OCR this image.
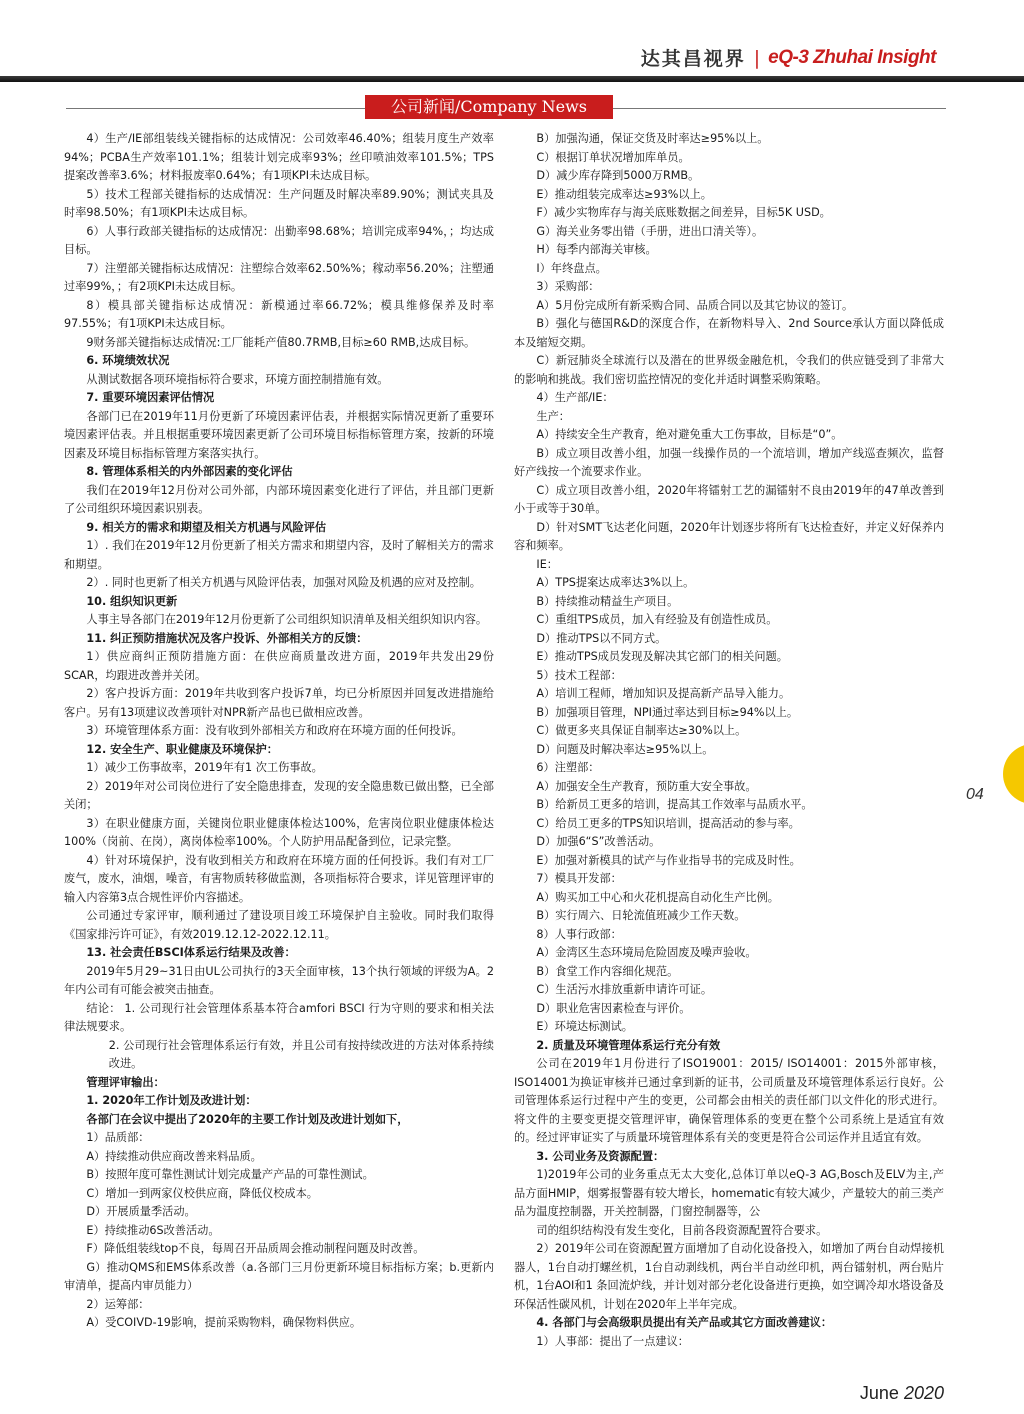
达其昌视界 | eQ-3 Zhuhai Insight
公司新闻/Company News

4）生产/IE部组装线关键指标的达成情况：公司效率46.40%；组装月度生产效率94%；PCBA生产效率101.1%；组装计划完成率93%；丝印喷油效率101.5%；TPS提案改善率3.6%；材料报废率0.64%；有1项KPI未达成目标。

5）技术工程部关键指标的达成情况：生产问题及时解决率89.90%；测试夹具及时率98.50%；有1项KPI未达成目标。

6）人事行政部关键指标的达成情况：出勤率98.68%；培训完成率94%，；均达成目标。

7）注塑部关键指标达成情况：注塑综合效率62.50%%；稼动率56.20%；注塑通过率99%，；有2项KPI未达成目标。

8）模具部关键指标达成情况：新模通过率66.72%；模具维修保养及时率97.55%；有1项KPI未达成目标。

9财务部关键指标达成情况:工厂能耗产值80.7RMB,目标≥60 RMB,达成目标。

6. 环境绩效状况

从测试数据各项环境指标符合要求，环境方面控制措施有效。

7. 重要环境因素评估情况

各部门已在2019年11月份更新了环境因素评估表，并根据实际情况更新了重要环境因素评估表。并且根据重要环境因素更新了公司环境目标指标管理方案，按新的环境因素及环境目标指标管理方案落实执行。

8. 管理体系相关的内外部因素的变化评估

我们在2019年12月份对公司外部，内部环境因素变化进行了评估，并且部门更新了公司组织环境因素识别表。

9. 相关方的需求和期望及相关方机遇与风险评估

1）. 我们在2019年12月份更新了相关方需求和期望内容，及时了解相关方的需求和期望。

2）. 同时也更新了相关方机遇与风险评估表，加强对风险及机遇的应对及控制。

10. 组织知识更新

人事主导各部门在2019年12月份更新了公司组织知识清单及相关组织知识内容。

11. 纠正预防措施状况及客户投诉、外部相关方的反馈：

1）供应商纠正预防措施方面：在供应商质量改进方面，2019年共发出29份SCAR，均跟进改善并关闭。

2）客户投诉方面：2019年共收到客户投诉7单，均已分析原因并回复改进措施给客户。另有13项建议改善项针对NPR新产品也已做相应改善。

3）环境管理体系方面：没有收到外部相关方和政府在环境方面的任何投诉。

12. 安全生产、职业健康及环境保护：

1）减少工伤事故率，2019年有1 次工伤事故。

2）2019年对公司岗位进行了安全隐患排查，发现的安全隐患数已做出整，已全部关闭；

3）在职业健康方面，关键岗位职业健康体检达100%，危害岗位职业健康体检达100%（岗前、在岗），离岗体检率100%。个人防护用品配备到位，记录完整。

4）针对环境保护，没有收到相关方和政府在环境方面的任何投诉。我们有对工厂废气，废水，油烟，噪音，有害物质转移做监测，各项指标符合要求，详见管理评审的输入内容第3点合规性评价内容描述。

公司通过专家评审，顺利通过了建设项目竣工环境保护自主验收。同时我们取得《国家排污许可证》，有效2019.12.12-2022.12.11。

13. 社会责任BSCI体系运行结果及改善：

2019年5月29~31日由UL公司执行的3天全面审核，13个执行领域的评级为A。2年内公司有可能会被突击抽查。

结论： 1. 公司现行社会管理体系基本符合amfori BSCI 行为守则的要求和相关法律法规要求。

2. 公司现行社会管理体系运行有效，并且公司有按持续改进的方法对体系持续改进。

管理评审输出：

1. 2020年工作计划及改进计划：

各部门在会议中提出了2020年的主要工作计划及改进计划如下，

1）品质部：

A）持续推动供应商改善来料品质。

B）按照年度可靠性测试计划完成量产产品的可靠性测试。

C）增加一到两家仪校供应商，降低仪校成本。

D）开展质量季活动。

E）持续推动6S改善活动。

F）降低组装线top不良，每周召开品质周会推动制程问题及时改善。

G）推动QMS和EMS体系改善（a.各部门三月份更新环境目标指标方案；b.更新内审清单，提高内审员能力）

2）运筹部：

A）受COIVD-19影响，提前采购物料，确保物料供应。

B）加强沟通，保证交货及时率达≥95%以上。

C）根据订单状况增加库单员。

D）减少库存降到5000万RMB。

E）推动组装完成率达≥93%以上。

F）减少实物库存与海关底账数据之间差异，目标5K USD。

G）海关业务零出错（手册，进出口清关等）。

H）每季内部海关审核。

I）年终盘点。

3）采购部：

A）5月份完成所有新采购合同、品质合同以及其它协议的签订。

B）强化与德国R&D的深度合作，在新物料导入、2nd Source承认方面以降低成本及缩短交期。

C）新冠肺炎全球流行以及潜在的世界级金融危机，令我们的供应链受到了非常大的影响和挑战。我们密切监控情况的变化并适时调整采购策略。

4）生产部/IE：

生产：

A）持续安全生产教育，绝对避免重大工伤事故，目标是“0”。

B）成立项目改善小组，加强一线操作员的一个流培训，增加产线巡查频次，监督好产线按一个流要求作业。

C）成立项目改善小组，2020年将镭射工艺的漏镭射不良由2019年的47单改善到小于或等于30单。

D）针对SMT飞达老化问题，2020年计划逐步将所有飞达检查好，并定义好保养内容和频率。

IE：

A）TPS提案达成率达3%以上。

B）持续推动精益生产项目。

C）重组TPS成员，加入有经验及有创造性成员。

D）推动TPS以不同方式。

E）推动TPS成员发现及解决其它部门的相关问题。

5）技术工程部：

A）培训工程师，增加知识及提高新产品导入能力。

B）加强项目管理，NPI通过率达到目标≥94%以上。

C）做更多夹具保证自制率达≥30%以上。

D）问题及时解决率达≥95%以上。

6）注塑部：

A）加强安全生产教育，预防重大安全事故。

B）给新员工更多的培训，提高其工作效率与品质水平。

C）给员工更多的TPS知识培训，提高活动的参与率。

D）加强6“S”改善活动。

E）加强对新模具的试产与作业指导书的完成及时性。

7）模具开发部：

A）购买加工中心和火花机提高自动化生产比例。

B）实行周六、日轮流值班减少工作天数。

8）人事行政部：

A）金湾区生态环境局危险固废及噪声验收。

B）食堂工作内容细化规范。

C）生活污水排放重新申请许可证。

D）职业危害因素检查与评价。

E）环境达标测试。

2. 质量及环境管理体系运行充分有效

公司在2019年1月份进行了ISO19001：2015/ ISO14001：2015外部审核，ISO14001为换证审核并已通过拿到新的证书，公司质量及环境管理体系运行良好。公司管理体系运行过程中产生的变更，公司都会由相关的责任部门以文件化的形式进行。将文件的主要变更提交管理评审，确保管理体系的变更在整个公司系统上是适宜有效的。经过评审证实了与质量环境管理体系有关的变更是符合公司运作并且适宜有效。

3. 公司业务及资源配置：

1)2019年公司的业务重点无太大变化,总体订单以eQ-3 AG,Bosch及ELV为主,产品方面HMIP，烟雾报警器有较大增长，homematic有较大减少，产量较大的前三类产品为温度控制器，开关控制器，门窗控制器等，公

司的组织结构没有发生变化，目前各段资源配置符合要求。

2）2019年公司在资源配置方面增加了自动化设备投入，如增加了两台自动焊接机器人，1台自动打螺丝机，1台自动剥线机，两台半自动丝印机，两台镭射机，两台贴片机，1台AOI和1 条回流炉线，并计划对部分老化设备进行更换，如空调冷却水塔设备及环保活性碳风机，计划在2020年上半年完成。

4. 各部门与会高级职员提出有关产品或其它方面改善建议：

1）人事部：提出了一点建议：

04
June 2020
